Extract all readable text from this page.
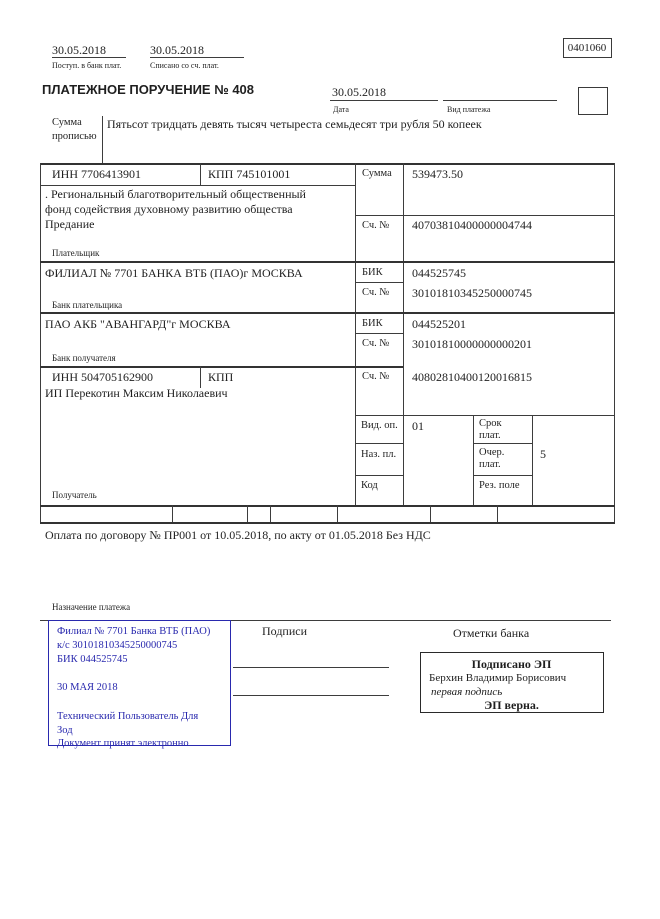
30.05.2018
Поступ. в банк плат.
30.05.2018
Списано со сч. плат.
0401060
ПЛАТЕЖНОЕ ПОРУЧЕНИЕ № 408	30.05.2018
Дата	Вид платежа
Сумма
прописью
Пятьсот тридцать девять тысяч четыреста семьдесят три рубля 50 копеек
ИНН 7706413901	КПП 745101001	Сумма 539473.50
. Региональный благотворительный общественный
фонд содействия духовному развитию общества
Предание	Сч. № 40703810400000004744
Плательщик
ФИЛИАЛ № 7701 БАНКА ВТБ (ПАО)г МОСКВА	БИК 044525745
Сч. № 30101810345250000745
Банк плательщика
ПАО АКБ "АВАНГАРД"г МОСКВА	БИК 044525201
Сч. № 30101810000000000201
Банк получателя
ИНН 504705162900	КПП	Сч. № 40802810400120016815
ИП Перекотин Максим Николаевич
Получатель
Вид. оп. 01	Срок
плат.
Наз. пл.	Очер.
плат.
5
Код	Рез. поле
Оплата по договору № ПР001 от 10.05.2018, по акту от 01.05.2018 Без НДС
Назначение платежа
Подписи	Отметки банка
Филиал № 7701 Банка ВТБ (ПАО)
к/с 30101810345250000745
БИК 044525745
30 МАЯ 2018
Технический Пользователь Для
Зод
Документ принят электронно
Подписано ЭП
Берхин Владимир Борисович
первая подпись
ЭП верна.
